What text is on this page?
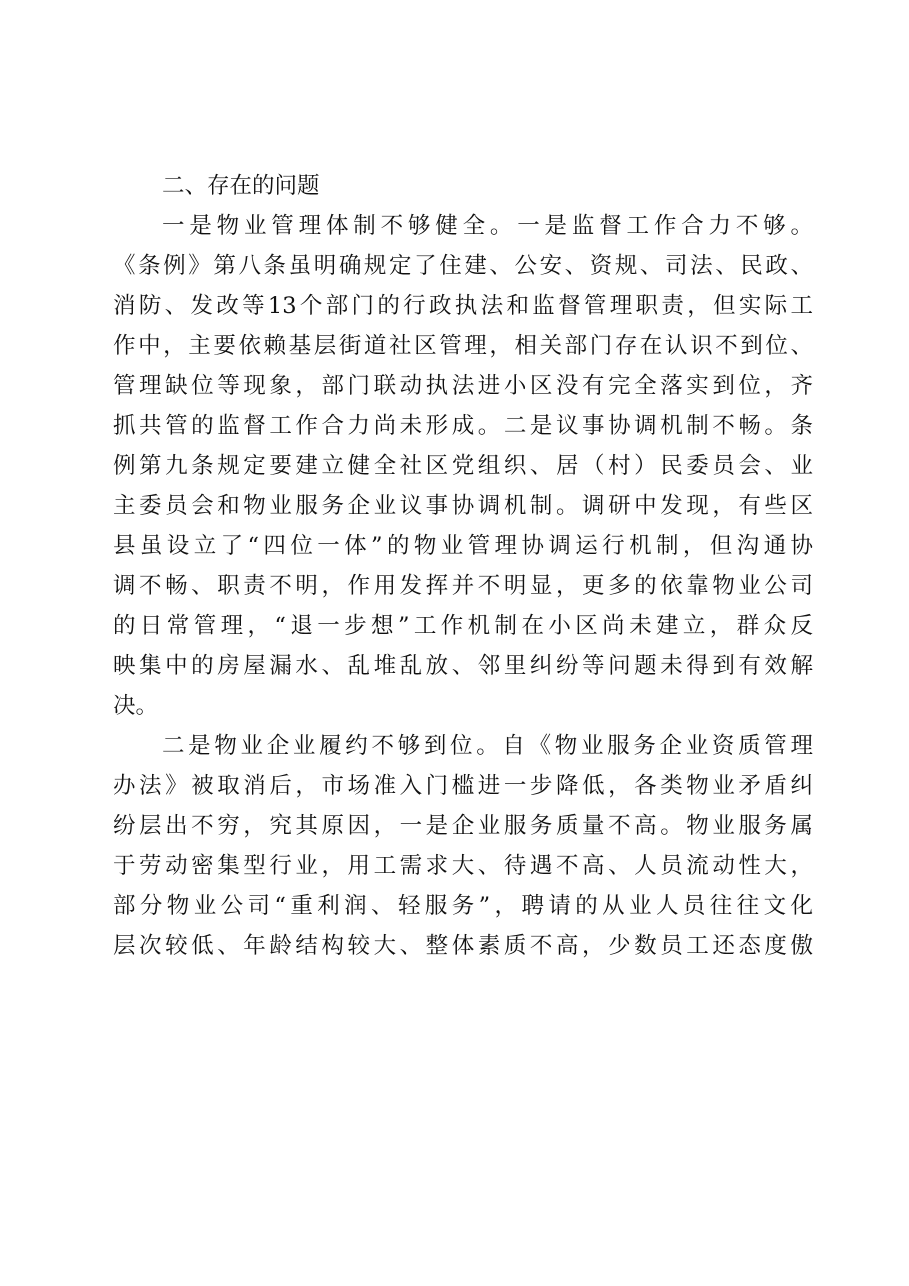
二、存在的问题
一是物业管理体制不够健全。一是监督工作合力不够。
《条例》第八条虽明确规定了住建、公安、资规、司法、民政、
消防、发改等13个部门的行政执法和监督管理职责，但实际工
作中，主要依赖基层街道社区管理，相关部门存在认识不到位、
管理缺位等现象，部门联动执法进小区没有完全落实到位，齐
抓共管的监督工作合力尚未形成。二是议事协调机制不畅。条
例第九条规定要建立健全社区党组织、居（村）民委员会、业
主委员会和物业服务企业议事协调机制。调研中发现，有些区
县虽设立了“四位一体”的物业管理协调运行机制，但沟通协
调不畅、职责不明，作用发挥并不明显，更多的依靠物业公司
的日常管理，“退一步想”工作机制在小区尚未建立，群众反
映集中的房屋漏水、乱堆乱放、邻里纠纷等问题未得到有效解
决。
二是物业企业履约不够到位。自《物业服务企业资质管理
办法》被取消后，市场准入门槛进一步降低，各类物业矛盾纠
纷层出不穷，究其原因，一是企业服务质量不高。物业服务属
于劳动密集型行业，用工需求大、待遇不高、人员流动性大，
部分物业公司“重利润、轻服务”，聘请的从业人员往往文化
层次较低、年龄结构较大、整体素质不高，少数员工还态度傲
